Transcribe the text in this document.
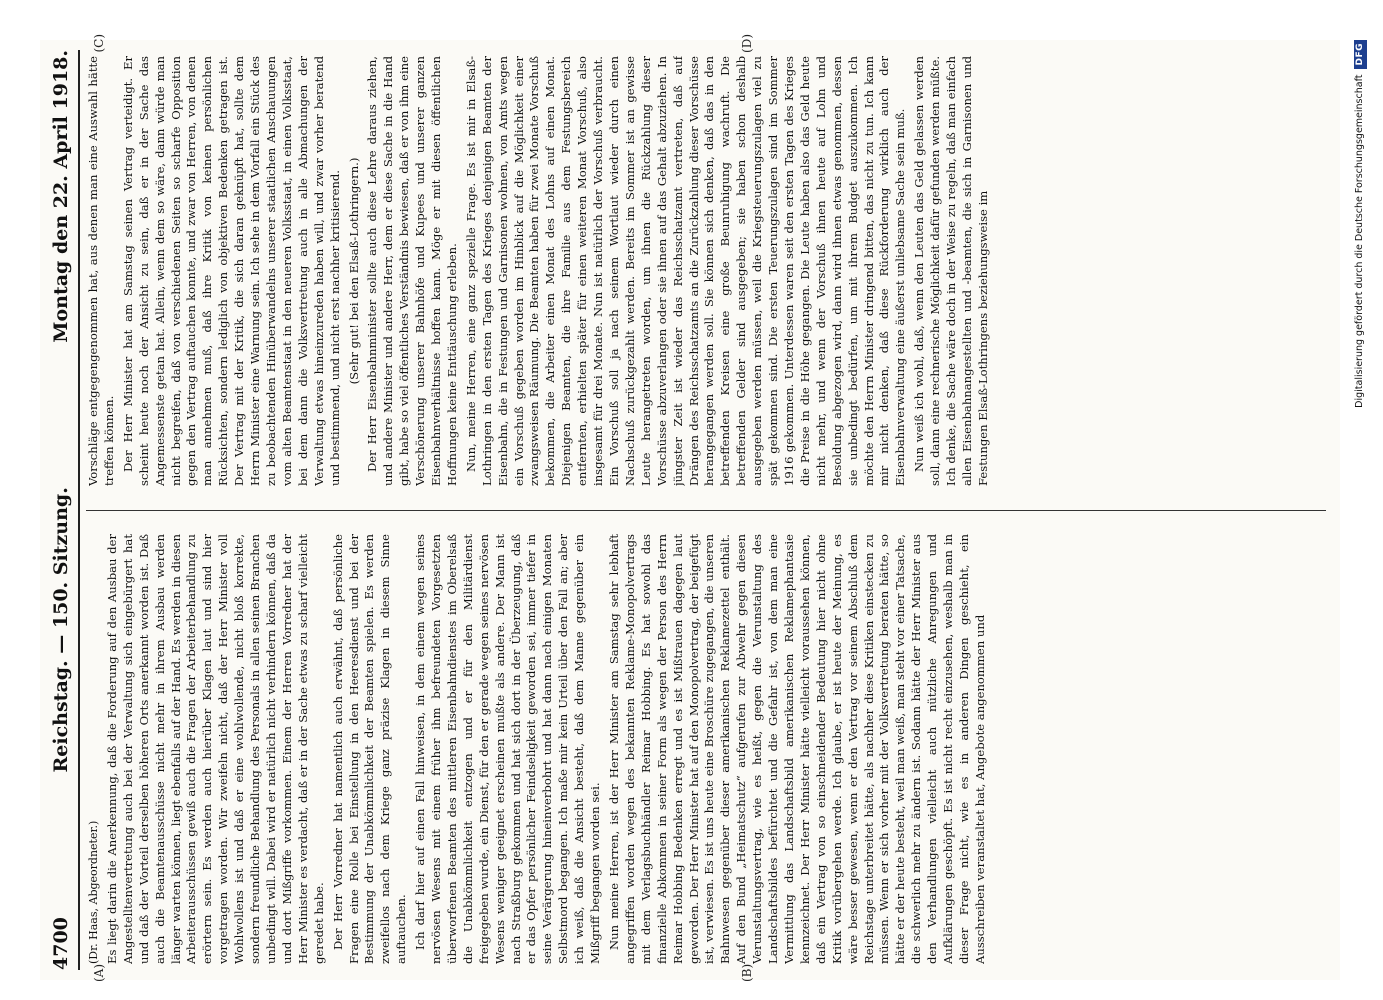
4700
Reichstag. — 150. Sitzung.
Montag den 22. April 1918.

(Dr. Haas, Abgeordneter.) Es liegt darin die Anerkennung, daß die Forderung auf den Ausbau der Angestelltenvertretung auch bei der Verwaltung sich eingebürgert hat und daß der Vorteil derselben höheren Orts anerkannt worden ist. Daß auch die Beamtenausschüsse nicht mehr in ihrem Ausbau werden länger warten können, liegt ebenfalls auf der Hand. Es werden in diesen Arbeiterausschüssen gewiß auch die Fragen der Arbeiterbehandlung zu erörtern sein. Es werden auch hierüber Klagen laut und sind hier vorgetragen worden. Wir zweifeln nicht, daß der Herr Minister voll Wohlwollens ist und daß er eine wohlwollende, nicht bloß korrekte, sondern freundliche Behandlung des Personals in allen seinen Branchen unbedingt will. Dabei wird er natürlich nicht verhindern können, daß da und dort Mißgriffe vorkommen. Einem der Herren Vorredner hat der Herr Minister es verdacht, daß er in der Sache etwas zu scharf vielleicht geredet habe. Der Herr Vorredner hat namentlich auch erwähnt, daß persönliche Fragen eine Rolle bei Einstellung in den Heeresdienst und bei der Bestimmung der Unabkömmlichkeit der Beamten spielen. Es werden zweifellos nach dem Kriege ganz präzise Klagen in diesem Sinne auftauchen. Ich darf hier auf einen Fall hinweisen, in dem einem wegen seines nervösen Wesens mit einem früher ihm befreundeten Vorgesetzten überworfenen Beamten des mittleren Eisenbahndienstes im Oberelsaß die Unabkömmlichkeit entzogen und er für den Militärdienst freigegeben wurde, ein Dienst, für den er gerade wegen seines nervösen Wesens weniger geeignet erscheinen mußte als andere. Der Mann ist nach Straßburg gekommen und hat sich dort in der Überzeugung, daß er das Opfer persönlicher Feindseligkeit geworden sei, immer tiefer in seine Verärgerung hineinverbohrt und hat dann nach einigen Monaten Selbstmord begangen. Ich maße mir kein Urteil über den Fall an; aber ich weiß, daß die Ansicht besteht, daß dem Manne gegenüber ein Mißgriff begangen worden sei. Nun meine Herren, ist der Herr Minister am Samstag sehr lebhaft angegriffen worden wegen des bekannten Reklame-Monopolvertrags mit dem Verlagsbuchhändler Reimar Hobbing. Es hat sowohl das finanzielle Abkommen in seiner Form als wegen der Person des Herrn Reimar Hobbing Bedenken erregt und es ist Mißtrauen dagegen laut geworden. Der Herr Minister hat auf den Monopolvertrag, der beigefügt ist, verwiesen. Es ist uns heute eine Broschüre zugegangen, die unseren Bahnwesen gegenüber dieser amerikanischen Reklamezettel enthält. Auf den Bund „Heimatschutz“ aufgerufen zur Abwehr gegen diesen Verunstaltungsvertrag, wie es heißt, gegen die Verunstaltung des Landschaftsbildes befürchtet und die Gefahr ist, von dem man eine Vermittlung das Landschaftsbild amerikanischen Reklamephantasie kennzeichnet. Der Herr Minister hätte vielleicht voraussehen können, daß ein Vertrag von so einschneidender Bedeutung hier nicht ohne Kritik vorübergehen werde. Ich glaube, er ist heute der Meinung, es wäre besser gewesen, wenn er den Vertrag vor seinem Abschluß dem Reichstage unterbreitet hätte, als nachher diese Kritiken einstecken zu müssen. Wenn er sich vorher mit der Volksvertretung beraten hätte, so hätte er der heute besteht, weil man weiß, man steht vor einer Tatsache, die schwerlich mehr zu ändern ist. Sodann hätte der Herr Minister aus den Verhandlungen vielleicht auch nützliche Anregungen und Aufklärungen geschöpft. Es ist nicht recht einzusehen, weshalb man in dieser Frage nicht, wie es in anderen Dingen geschieht, ein Ausschreiben veranstaltet hat, Angebote angenommen und

Vorschläge entgegengenommen hat, aus denen man eine Auswahl hätte treffen können. Der Herr Minister hat am Samstag seinen Vertrag verteidigt. Er scheint heute noch der Ansicht zu sein, daß er in der Sache das Angemessenste getan hat. Allein, wenn dem so wäre, dann würde man nicht begreifen, daß von verschiedenen Seiten so scharfe Opposition gegen den Vertrag auftauchen konnte, und zwar von Herren, von denen man annehmen muß, daß ihre Kritik von keinen persönlichen Rücksichten, sondern lediglich von objektiven Bedenken getragen ist. Der Vertrag mit der Kritik, die sich daran geknüpft hat, sollte dem Herrn Minister eine Warnung sein. Ich sehe in dem Vorfall ein Stück des zu beobachtenden Hinüberwandelns unserer staatlichen Anschauungen vom alten Beamtenstaat in den neueren Volksstaat, in einen Volksstaat, bei dem dann die Volksvertretung auch in alle Abmachungen der Verwaltung etwas hineinzureden haben will, und zwar vorher beratend und bestimmend, und nicht erst nachher kritisierend. (Sehr gut! bei den Elsaß-Lothringern.) Der Herr Eisenbahnminister sollte auch diese Lehre daraus ziehen, und andere Minister und andere Herr, dem er diese Sache in die Hand gibt, habe so viel öffentliches Verständnis bewiesen, daß er von ihm eine Verschönerung unserer Bahnhöfe und Kupees und unserer ganzen Eisenbahnverhältnisse hoffen kann. Möge er mit diesen öffentlichen Hoffnungen keine Enttäuschung erleben. Nun, meine Herren, eine ganz spezielle Frage. Es ist mir in Elsaß-Lothringen in den ersten Tagen des Krieges denjenigen Beamten der Eisenbahn, die in Festungen und Garnisonen wohnen, von Amts wegen ein Vorschuß gegeben worden im Hinblick auf die Möglichkeit einer zwangsweisen Räumung. Die Beamten haben für zwei Monate Vorschuß bekommen, die Arbeiter einen Monat des Lohns auf einen Monat. Diejenigen Beamten, die ihre Familie aus dem Festungsbereich entfernten, erhielten später für einen weiteren Monat Vorschuß, also insgesamt für drei Monate. Nun ist natürlich der Vorschuß verbraucht. Ein Vorschuß soll ja nach seinem Wortlaut wieder durch einen Nachschuß zurückgezahlt werden. Bereits im Sommer ist an gewisse Leute herangetreten worden, um ihnen die Rückzahlung dieser Vorschüsse abzuverlangen oder sie ihnen auf das Gehalt abzuziehen. In jüngster Zeit ist wieder das Reichsschatzamt vertreten, daß auf Drängen des Reichsschatzamts an die Zurückzahlung dieser Vorschüsse herangegangen werden soll. Sie können sich denken, daß das in den betreffenden Kreisen eine große Beunruhigung wachruft. Die betreffenden Gelder sind ausgegeben; sie haben schon deshalb ausgegeben werden müssen, weil die Kriegsteuerungszulagen viel zu spät gekommen sind. Die ersten Teuerungszulagen sind im Sommer 1916 gekommen. Unterdessen waren seit den ersten Tagen des Krieges die Preise in die Höhe gegangen. Die Leute haben also das Geld heute nicht mehr, und wenn der Vorschuß ihnen heute auf Lohn und Besoldung abgezogen wird, dann wird ihnen etwas genommen, dessen sie unbedingt bedürfen, um mit ihrem Budget auszukommen. Ich möchte den Herrn Minister dringend bitten, das nicht zu tun. Ich kann mir nicht denken, daß diese Rückforderung wirklich auch der Eisenbahnverwaltung eine äußerst unliebsame Sache sein muß. Nun weiß ich wohl, daß, wenn den Leuten das Geld gelassen werden soll, dann eine rechnerische Möglichkeit dafür gefunden werden müßte. Ich denke, die Sache wäre doch in der Weise zu regeln, daß man einfach allen Eisenbahnangestellten und -beamten, die sich in Garnisonen und Festungen Elsaß-Lothringens beziehungsweise im

(A)	(B)
(C)	(D)
Digitalisierung gefördert durch die Deutsche Forschungsgemeinschaft
DFG
